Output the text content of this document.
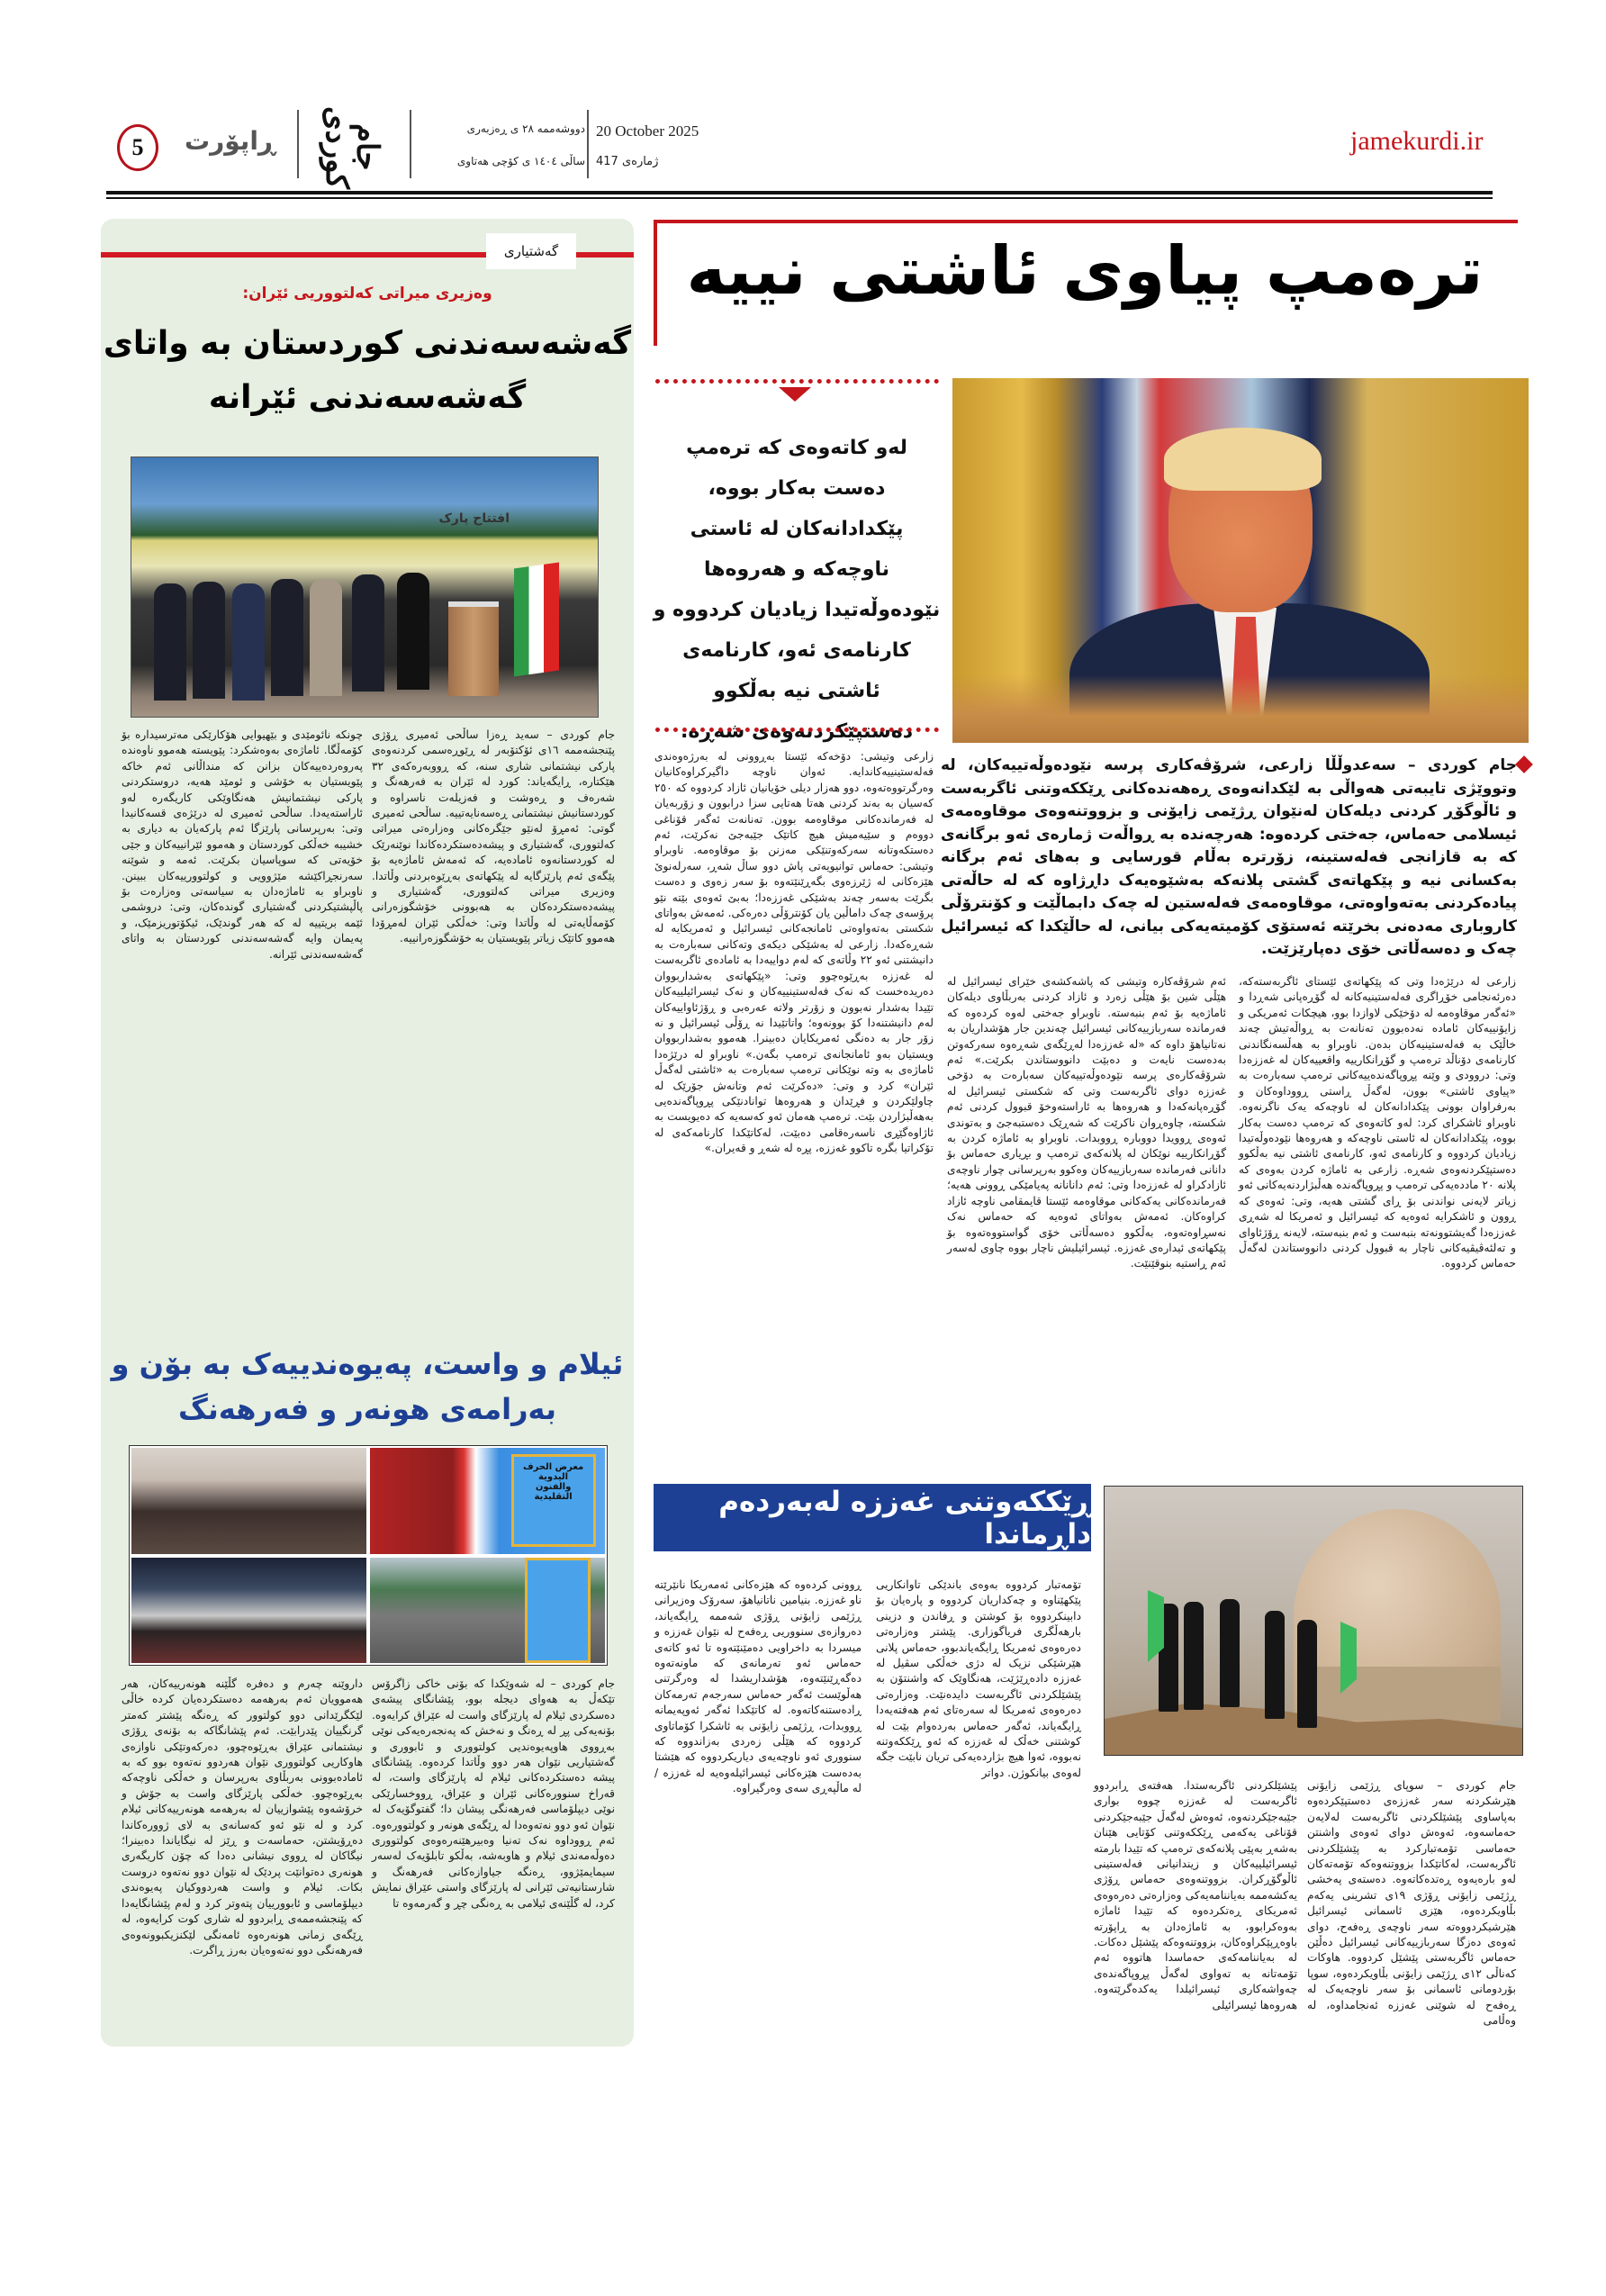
jamekurdi.ir
20 October 2025
ژمارەی 417
دووشەممە ٢٨ ی ڕەزبەری
ساڵی ١٤٠٤ ی کۆچی هەتاوی
جام کوردی
ڕاپۆرت
5
گەشتیاری
وەزیری میراتی کەلتووریی ئێران:
گەشەسەندنی کوردستان بە واتای گەشەسەندنی ئێرانە
افتتاح پارک
جام کوردی – سەید ڕەزا ساڵحی ئەمیری ڕۆژی پێنجشەممە ١٦ی ئۆکتۆبەر لە ڕێوڕەسمی کردنەوەی پارکی نیشتمانی شاری سنە، کە ڕووبەرەکەی ٣٢ هێکتارە، ڕایگەیاند: کورد لە ئێران بە فەرهەنگ و شەرەف و ڕەوشت و فەزیلەت ناسراوە و کوردستانیش نیشتمانی ڕەسەنایەتییە. ساڵحی ئەمیری گوتی: ئەمڕۆ لەنێو جێگرەکانی وەزارەتی میراتی کەلتووری، گەشتیاری و پیشەدەستکردەکاندا نوێنەرێک لە کوردستانەوە ئامادەیە، کە ئەمەش ئاماژەیە بۆ پێگەی ئەم پارێزگایە لە پێکهاتەی بەڕێوەبردنی وڵاتدا. وەزیری میراتی کەلتووری، گەشتیاری و پیشەدەستکردەکان بە هەبوونی خۆشگوزەرانی کۆمەڵایەتی لە وڵاتدا وتی: خەڵکی ئێران لەمڕۆدا هەموو کاتێک زیاتر پێویستیان بە خۆشگوزەرانییە.
چونکە نائومێدی و بێهیوایی هۆکارێکی مەترسیدارە بۆ کۆمەڵگا. ئاماژەی بەوەشکرد: پێویستە هەموو ناوەندە پەروەردەییەکان بزانن کە منداڵانی ئەم خاکە پێویستیان بە خۆشی و ئومێد هەیە، دروستکردنی پارکی نیشتمانیش هەنگاوێکی کاریگەرە لەو ئاراستەیەدا. ساڵحی ئەمیری لە درێژەی قسەکانیدا وتی: بەرپرسانی پارێزگا ئەم پارکەیان بە دیاری بە خشیبە خەڵکی کوردستان و هەموو ئێرانییەکان و جێی خۆیەتی کە سوپاسیان بکرێت. ئەمە و شوێنە سەرنجڕاکێشە مێژوویی و کولتوورییەکان ببینن. ناوبراو بە ئاماژەدان بە سیاسەتی وەزارەت بۆ پاڵپشتیکردنی گەشتیاری گوندەکان، وتی: دروشمی ئێمە بریتییە لە کە هەر گوندێک، ئیکۆتوریزمێک، و پەیمان وایە گەشەسەندنی کوردستان بە واتای گەشەسەندنی ئێرانە.
ئیلام و واست، پەیوەندییەک بە بۆن و بەرامەی هونەر و فەرهەنگ
معرض الحرف اليدوية والفنون التقليدية
جام کوردی – لە شەوێکدا کە بۆنی خاکی زاگرۆس تێکەڵ بە هەوای دیجلە بوو، پێشانگای پیشەی دەسکردی ئیلام لە پارێزگای واست لە عێراق کرایەوە. بۆنەیەکی پڕ لە ڕەنگ و نەخش کە پەنجەرەیەکی نوێی بەڕووی هاوپەیوەندیی کولتووری و ئابووری و گەشتیاریی نێوان هەر دوو وڵاتدا کردەوە. پێشانگای پیشە دەستکردەکانی ئیلام لە پارێزگای واست، لە قەراخ سنوورەکانی ئێران و عێراق، ڕووخسارێکی نوێی دیپلۆماسی فەرهەنگی پیشان دا؛ گفتوگۆیەک لە نێوان ئەو دوو نەتەوەدا لە ڕێگەی هونەر و کولتوورەوە. ئەم ڕووداوە نەک تەنیا وەبیرهێنەرەوەی کولتووری دەوڵەمەندی ئیلام و هاوبەشە، بەڵکو تابلۆیەک لەسەر سیمایمێژوو، ڕەنگە جیاوازەکانی فەرهەنگ و شارستانیەتی ئێرانی لە پارێزگای واستی عێراق نمایش کرد، لە گڵێنەی ئیلامی بە ڕەنگی چڕ و گەرمەوە تا
داروێنە چەرم و دەفرە گڵێنە هونەرییەکان، هەر هەموویان ئەم بەرهەمە دەستکردەیان کردە خاڵی لێکگرێدانی دوو کولتوور کە ڕەنگە پێشتر کەمتر گرنگییان پێدرابێت. ئەم پێشانگاکە بە بۆنەی ڕۆژی نیشتمانی عێراق بەڕێوەچوو، دەرکەوتێکی ناوازەی هاوکاریی کولتووری نێوان هەردوو نەتەوە بوو کە بە ئامادەبوونی بەربڵاوی بەرپرسان و خەڵکی ناوچەکە بەڕێوەچوو. خەڵکی پارێزگای واست بە جۆش و خرۆشەوە پێشوازییان لە بەرهەمە هونەرییەکانی ئیلام کرد و لە نێو ئەو کەسانەی بە لای ژوورەکاندا دەڕۆیشتن، حەماسەت و ڕێز لە نیگایاندا دەبینرا؛ نیگاکان لە ڕووی نیشانی دەدا کە چۆن کاریگەری هونەری دەتوانێت پردێک لە نێوان دوو نەتەوە دروست بکات. ئیلام و واست هەردووکیان پەیوەندی دیپلۆماسی و ئابوورییان پتەوتر کرد و لەم پێشانگایەدا کە پێنجشەممەی ڕابردوو لە شاری کوت کرایەوە، لە ڕێگەی زمانی هونەرەوە ئامەنگی لێکنزیکبوونەوەی فەرهەنگی دوو نەتەوەیان بەرز ڕاگرت.
ترەمپ پیاوی ئاشتی نییە
لەو کاتەوەی کە ترەمپ دەست بەکار بووە، پێکدادانەکان لە ئاستی ناوچەکە و هەروەها نێودەوڵەتیدا زیادیان کردووە و کارنامەی ئەو، کارنامەی ئاشتی نیە بەڵکوو دەستپێکردنەوەی شەڕە.
جام کوردی – سەعدوڵڵا زارعی، شرۆڤەکاری پرسە نێودەوڵەتییەکان، لە وتووێژی تایبەتی هەواڵی بە لێکدانەوەی ڕەهەندەکانی ڕێککەوتنی ئاگربەست و ئاڵوگۆڕ کردنی دیلەکان لەنێوان ڕژێمی زایۆنی و بزووتنەوەی موقاوەمەی ئیسلامی حەماس، جەختی کردەوە: هەرچەندە بە ڕواڵەت ژمارەی ئەو برگانەی کە بە قازانجی فەلەستینە، زۆرترە بەڵام قورسایی و بەهای ئەم برگانە بەکسانی نیە و پێکهاتەی گشتی پلانەکە بەشێوەیەک داڕژاوە کە لە حاڵەتی پیادەکردنی بەتەواوەتی، موقاوەمەی فەلەستین لە چەک دابماڵێت و کۆنترۆڵی کاروباری مەدەنی بخرێتە ئەستۆی کۆمیتەیەکی بیانی، لە حاڵێکدا کە ئیسرائیل چەک و دەسەڵاتی خۆی دەپارێزێت.
زارعی لە درێژەدا وتی کە پێکهاتەی ئێستای ئاگربەستەکە، دەرئەنجامی خۆڕاگری فەلەستینیەکانە لە گۆڕەپانی شەڕدا و «ئەگەر موقاوەمە لە دۆخێکی لاوازدا بوو، هیچکات ئەمریکی و زایۆنییەکان ئامادە نەدەبوون تەنانەت بە ڕواڵەتیش چەند خاڵێک بە فەلەستینیەکان بدەن. ناوبراو بە هەڵسەنگاندنی کارنامەی دۆناڵد ترەمپ و گۆڕانکارییە واقعییەکان لە غەززەدا وتی: دروودی و وێنە پڕوپاگەندەییەکانی ترەمپ سەبارەت بە «پیاوی ئاشتی» بوون، لەگەڵ ڕاستی ڕووداوەکان و بەرفراوان بوونی پێکدادانەکان لە ناوچەکە یەک ناگرنەوە. ناوبراو ئاشکرای کرد: لەو کاتەوەی کە ترەمپ دەست بەکار بووە، پێکدادانەکان لە ئاستی ناوچەکە و هەروەها نێودەوڵەتیدا زیادیان کردووە و کارنامەی ئەو، کارنامەی ئاشتی نیە بەڵکوو دەستپێکردنەوەی شەڕە. زارعی بە ئاماژە کردن بەوەی کە پلانە ٢٠ ماددەیەکی ترەمپ و پڕوپاگەندە هەڵبژاردنەیەکانی ئەو زیاتر لایەنی نواندنی بۆ ڕای گشتی هەیە، وتی: ئەوەی کە ڕوون و ئاشکرایە ئەوەیە کە ئیسرائیل و ئەمریکا لە شەڕی غەززەدا گەیشتوونەتە بنبەست و ئەم بنبەستە، لایەنە ڕۆژئاوای و تەلئەڤیڤیەکانی ناچار بە قبوول کردنی دانووستاندن لەگەڵ حەماس کردووە.
ئەم شرۆڤەکارە وتیشی کە پاشەکشەی خێرای ئیسرائیل لە هێڵی شین بۆ هێڵی زەرد و ئازاد کردنی بەربڵاوی دیلەکان ئاماژەیە بۆ ئەم بنبەستە. ناوبراو جەختی لەوە کردەوە کە فەرماندە سەربازییەکانی ئیسرائیل چەندین جار هۆشداریان بە نەتانیاهۆ داوە کە «لە غەززەدا لەڕێگەی شەڕەوە سەرکەوتن بەدەست نایەت و دەبێت دانووستاندن بکرێت.» ئەم شرۆڤەکارەی پرسە نێودەوڵەتییەکان سەبارەت بە دۆخی غەززە دوای ئاگربەست وتی کە شکستی ئیسرائیل لە گۆڕەپانەکەدا و هەروەها بە ئاراستەوخۆ قبوول کردنی ئەم شکستە، چاوەڕوان ناکرێت کە شەڕێک دەستبەجێ و بەتوندی ئەوەی ڕوویدا دووبارە ڕووبدات. ناوبراو بە ئاماژە کردن بە گۆڕانکارییە نوێکان لە پلانەکەی ترەمپ و بڕیاری حەماس بۆ دانانی فەرماندە سەربازییەکان وەکوو بەرپرسانی چوار ناوچەی ئازادکراو لە غەززەدا وتی: ئەم دانانانە پەیامێکی ڕوونی هەیە؛ فەرماندەکانی یەکەکانی موقاوەمە ئێستا قایمقامی ناوچە ئازاد کراوەکان. ئەمەش بەواتای ئەوەیە کە حەماس نەک نەسڕاوەتەوە، بەڵکوو دەسەڵاتی خۆی گواستووەتەوە بۆ پێکهاتەی ئیدارەی غەززە. ئیسرائیلیش ناچار بووە چاوی لەسەر ئەم ڕاستیە بنوقێنێت.
زارعی وتیشی: دۆخەکە ئێستا بەڕوونی لە بەرژەوەندی فەلەستینییەکاندایە. ئەوان ناوچە داگیرکراوەکانیان وەرگرتووەتەوە، دوو هەزار دیلی خۆیانیان ئازاد کردووە کە ٢٥٠ کەسیان بە بەند کردنی هەتا هەتایی سزا درابوون و زۆربەیان لە فەرماندەکانی موقاوەمە بوون. تەنانەت ئەگەر قۆناغی دووەم و سێیەمیش هیچ کاتێک جێبەجێ نەکرێت، ئەم دەستکەوتانە سەرکەوتنێکی مەزنن بۆ موقاوەمە. ناوبراو وتیشی: حەماس توانیویەتی پاش دوو ساڵ شەڕ، سەرلەنوێ هێزەکانی لە ژێرزەوی بگەڕێنێتەوە بۆ سەر زەوی و دەست بگرێت بەسەر چەند بەشێکی غەززەدا؛ بەبێ ئەوەی بێتە نێو پرۆسەی چەک داماڵین یان کۆنترۆڵی دەرەکی. ئەمەش بەواتای شکستی بەتەواوەتی ئامانجەکانی ئیسرائیل و ئەمریکایە لە شەڕەکەدا. زارعی لە بەشێکی دیکەی وتەکانی سەبارەت بە دانیشتنی ئەو ٢٢ وڵاتەی کە لەم دواییەدا بە ئامادەی ئاگربەست لە غەززە بەڕێوەچوو وتی: «پێکهاتەی بەشداربووان دەریدەخست کە نەک فەلەستینییەکان و نەک ئیسرائیلییەکان تێیدا بەشدار نەبوون و زۆرتر ولاتە عەرەبی و ڕۆژئاواییەکان لەم دانیشتنەدا کۆ بوونەوە؛ واتاتێیدا نە ڕۆڵی ئیسرائیل و نە زۆر جار بە دەنگی ئەمریکایان دەبینرا. هەموو بەشداربووان ویستیان بەو ئامانجانەی ترەمپ بگەن.» ناوبراو لە درێژەدا ئاماژەی بە وتە نوێکانی ترەمپ سەبارەت بە «ئاشتی لەگەڵ ئێران» کرد و وتی: «دەکرێت ئەم وتانەش جۆرێک لە چاولێکردن و فڕێدان و هەروەها توانادنێکی پڕوپاگەندەیی بەهەڵبژاردن بێت. ترەمپ هەمان ئەو کەسەیە کە دەیویست بە ئاژاوەگێڕی ناسەرەقامی دەبێت، لەکاتێکدا کارنامەکەی لە تۆکراتیا بگرە تاکوو غەززە، پڕە لە شەڕ و قەیران.»
ڕێککەوتنی غەززە لەبەردەم داڕماندا
جام کوردی – سوپای ڕژێمی زایۆنی هێرشکردنە سەر غەززەی دەستپێکردەوە بەپاساوی پێشێلکردنی ئاگربەست لەلایەن حەماسەوە، ئەوەش دوای ئەوەی واشنتن حەماسی تۆمەتبارکرد بە پێشێلکردنی ئاگربەست، لەکاتێکدا بزووتنەوەکە تۆمەتەکان لەو بارەیەوە ڕەتدەکاتەوە. دەستەی پەخشی ڕژێمی زایۆنی ڕۆژی ١٩ی تشرینی یەکەم بڵاویکردەوە، هێزی ئاسمانی ئیسرائیل هێرشیکردووەتە سەر ناوچەی ڕەفەح، دوای ئەوەی دەزگا سەربازییەکانی ئیسرائیل دەڵێن حەماس ئاگربەستی پێشێل کردووە. هاوکات کەناڵی ١٢ی ڕژێمی زایۆنی بڵاویکردەوە، سوپا بۆردومانی ئاسمانی بۆ سەر ناوچەیەک لە ڕەفەح لە شوێنی غەززە ئەنجامداوە، لە وەڵامی
پێشێلکردنی ئاگربەستدا. هەفتەی ڕابردوو ئاگربەست لە غەززە چووە بواری جێبەجێکردنەوە، ئەوەش لەگەڵ جێبەجێکردنی قۆناغی یەکەمی ڕێککەوتنی کۆتایی هێنان بەشەڕ بەپێی پلانەکەی ترەمپ کە تێیدا بارمتە ئیسرائیلییەکان و زیندانیانی فەلەستینی ئاڵوگۆڕکران. بزووتنەوەی حەماس ڕۆژی یەکشەممە بەیاننامەیەکی وەزارەتی دەرەوەی ئەمریکای ڕەتکردەوە کە تێیدا ئاماژە بەوەکرابوو، بە ئاماژەدان بە ڕاپۆرتە باوەڕپێکراوەکان، بزووتنەوەکە پێشێل دەکات. لە بەیاننامەکەی حەماسدا هاتووە ئەم تۆمەتانە بە تەواوی لەگەڵ پڕوپاگەندەی چەواشەکاری ئیسرائیلدا یەکدەگرێتەوە. هەروەها ئیسرائیلی
تۆمەتبار کردووە بەوەی باندێکی تاوانکاریی پێکهێناوە و چەکداریان کردووە و پارەیان بۆ دابینکردووە بۆ کوشتن و ڕفاندن و دزینی بارهەڵگری فریاگوزاری. پێشتر وەزارەتی دەرەوەی ئەمریکا ڕایگەیاندبوو، حەماس پلانی هێرشێکی نزیک لە دژی خەڵکی سڤیل لە غەززە دادەڕێژێت، هەنگاوێک کە واشنتۆن بە پێشێلکردنی ئاگربەست دایدەنێت. وەزارەتی دەرەوەی ئەمریکا لە سەرەتای ئەم هەفتەیەدا ڕایگەیاند، ئەگەر حەماس بەردەوام بێت لە کوشتنی خەڵک لە غەززە کە ئەو ڕێککەوتنە نەبووە، ئەوا هیچ بژاردەیەکی تریان نابێت جگە لەوەی بیانکوژن. دواتر
ڕوونی کردەوە کە هێزەکانی ئەمەریکا نانێرێتە ناو غەززە. بنیامین ناتانیاهۆ، سەرۆک وەزیرانی ڕژێمی زایۆنی ڕۆژی شەممە ڕایگەیاند، دەروازەی سنووریی ڕەفەح لە نێوان غەززە و میسردا بە داخراویی دەمێنێتەوە تا ئەو کاتەی حەماس ئەو تەرمانەی کە ماونەتەوە دەگەڕێنێتەوە، هۆشداریشدا لە وەرگرتنی هەڵوێست ئەگەر حەماس سەرجەم تەرمەکان ڕادەستنەکاتەوە. لە کاتێکدا ئەگەر ئەوپەیمانە ڕووبدات، ڕژێمی زایۆنی بە ئاشکرا کۆماتاوی کردووە کە هێڵی زەردی بەزاندووە کە سنووری ئەو ناوچەیەی دیاریکردووە کە هێشتا بەدەست هێزەکانی ئیسرائیلەوەیە لە غەززە / لە ماڵپەڕی سەی وەرگیراوە.
